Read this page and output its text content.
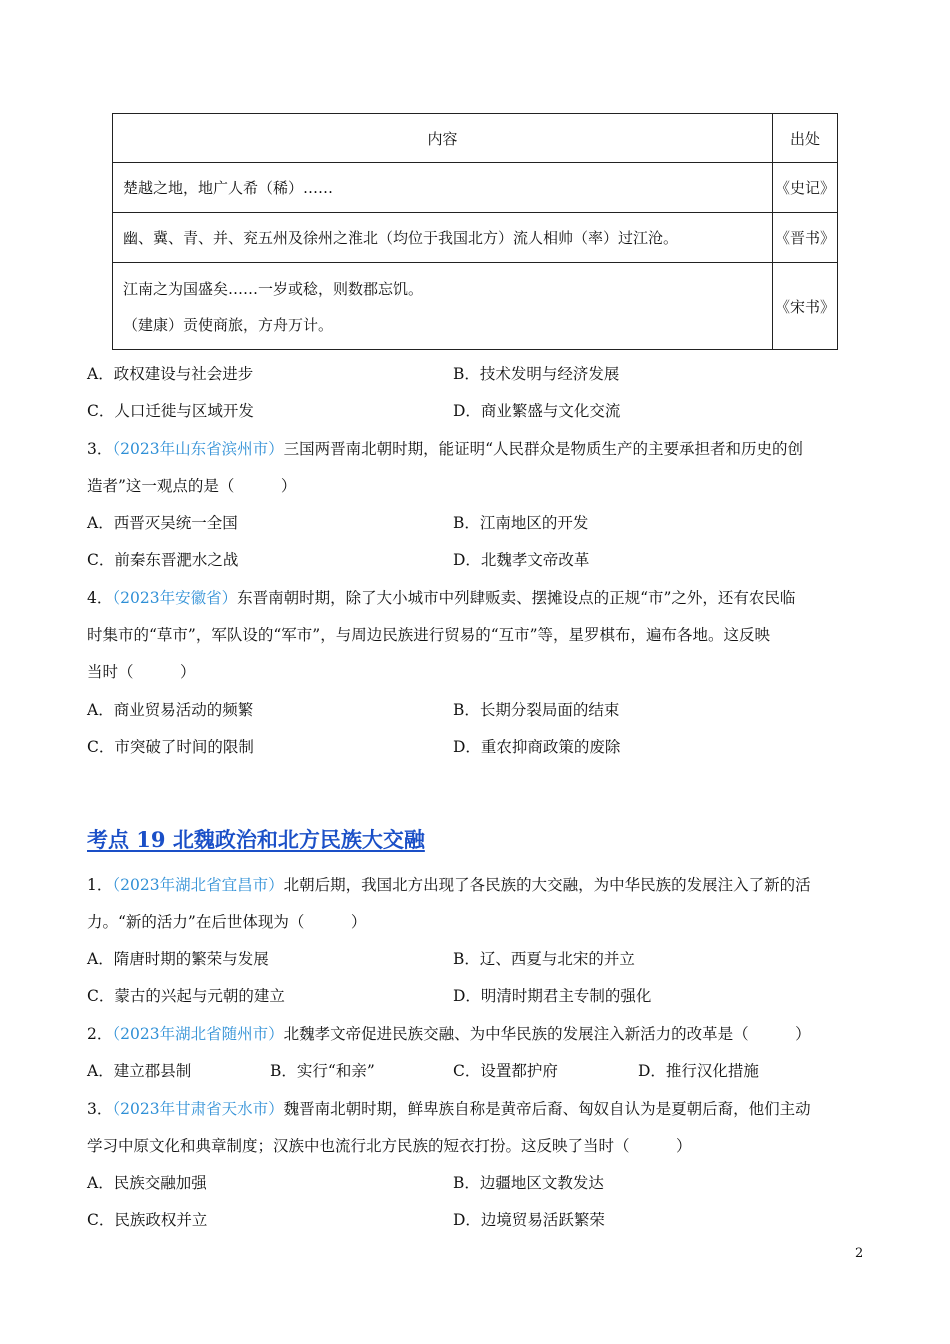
内容	出处
楚越之地，地广人希（稀）……	《史记》
幽、冀、青、并、兖五州及徐州之淮北（均位于我国北方）流人相帅（率）过江沧。	《晋书》
江南之为国盛矣……一岁或稔，则数郡忘饥。
（建康）贡使商旅，方舟万计。	《宋书》
A．政权建设与社会进步	B．技术发明与经济发展
C．人口迁徙与区域开发	D．商业繁盛与文化交流
3．（2023年山东省滨州市）三国两晋南北朝时期，能证明“人民群众是物质生产的主要承担者和历史的创
造者”这一观点的是（　　　）
A．西晋灭吴统一全国	B．江南地区的开发
C．前秦东晋淝水之战	D．北魏孝文帝改革
4．（2023年安徽省）东晋南朝时期，除了大小城市中列肆贩卖、摆摊设点的正规“市”之外，还有农民临
时集市的“草市”，军队设的“军市”，与周边民族进行贸易的“互市”等，星罗棋布，遍布各地。这反映
当时（　　　）
A．商业贸易活动的频繁	B．长期分裂局面的结束
C．市突破了时间的限制	D．重农抑商政策的废除
考点 19 北魏政治和北方民族大交融
1．（2023年湖北省宜昌市）北朝后期，我国北方出现了各民族的大交融，为中华民族的发展注入了新的活
力。“新的活力”在后世体现为（　　　）
A．隋唐时期的繁荣与发展	B．辽、西夏与北宋的并立
C．蒙古的兴起与元朝的建立	D．明清时期君主专制的强化
2．（2023年湖北省随州市）北魏孝文帝促进民族交融、为中华民族的发展注入新活力的改革是（　　　）
A．建立郡县制	B．实行“和亲”	C．设置都护府	D．推行汉化措施
3．（2023年甘肃省天水市）魏晋南北朝时期，鲜卑族自称是黄帝后裔、匈奴自认为是夏朝后裔，他们主动
学习中原文化和典章制度；汉族中也流行北方民族的短衣打扮。这反映了当时（　　　）
A．民族交融加强	B．边疆地区文教发达
C．民族政权并立	D．边境贸易活跃繁荣
2
